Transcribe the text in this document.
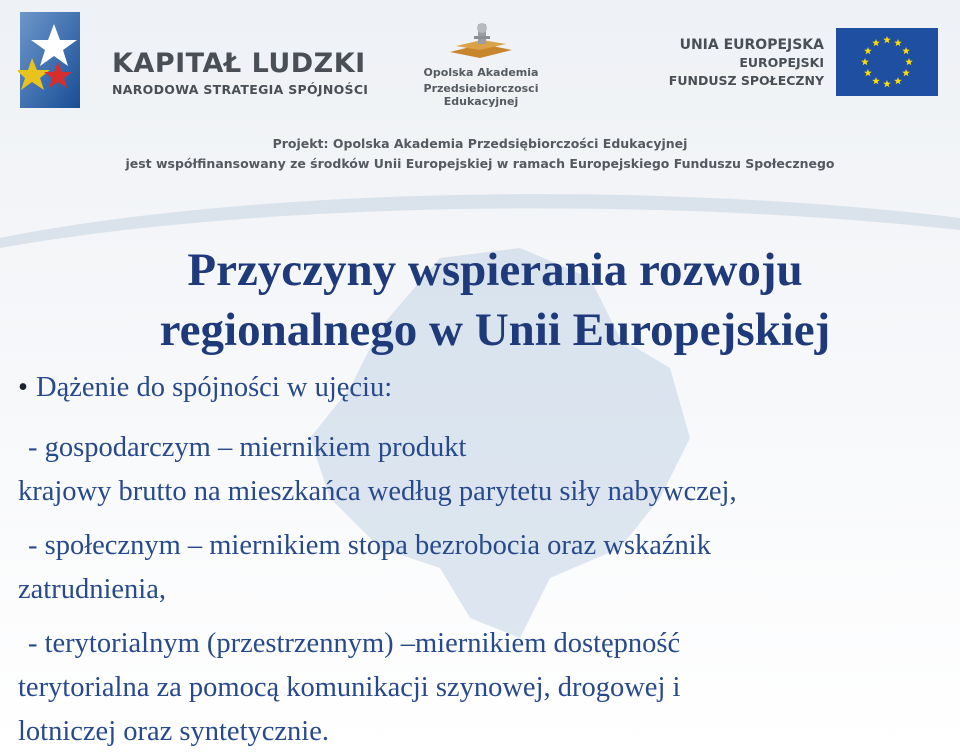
KAPITAŁ LUDZKI
NARODOWA STRATEGIA SPÓJNOŚCI
Opolska Akademia
Przedsiebiorczosci Edukacyjnej
UNIA EUROPEJSKA
EUROPEJSKI
FUNDUSZ SPOŁECZNY
Projekt: Opolska Akademia Przedsiębiorczości Edukacyjnej
jest współfinansowany ze środków Unii Europejskiej w ramach Europejskiego Funduszu Społecznego
Przyczyny wspierania rozwoju
regionalnego w Unii Europejskiej
• Dążenie do spójności w ujęciu:
- gospodarczym – miernikiem produkt
krajowy brutto na mieszkańca według parytetu siły nabywczej,
- społecznym – miernikiem stopa bezrobocia oraz wskaźnik
zatrudnienia,
- terytorialnym (przestrzennym) –miernikiem dostępność
terytorialna za pomocą komunikacji szynowej, drogowej i
lotniczej oraz syntetycznie.
